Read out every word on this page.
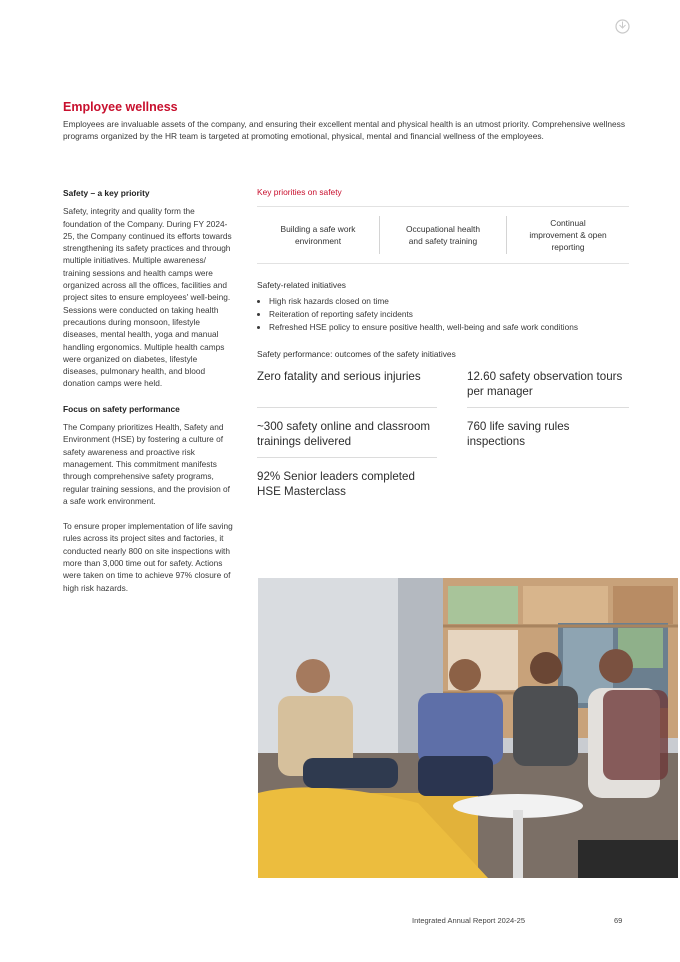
Employee wellness

Employees are invaluable assets of the company, and ensuring their excellent mental and physical health is an utmost priority. Comprehensive wellness programs organized by the HR team is targeted at promoting emotional, physical, mental and financial wellness of the employees.

Safety – a key priority

Safety, integrity and quality form the foundation of the Company. During FY 2024-25, the Company continued its efforts towards strengthening its safety practices and through multiple initiatives. Multiple awareness/ training sessions and health camps were organized across all the offices, facilities and project sites to ensure employees' well-being. Sessions were conducted on taking health precautions during monsoon, lifestyle diseases, mental health, yoga and manual handling ergonomics. Multiple health camps were organized on diabetes, lifestyle diseases, pulmonary health, and blood donation camps were held.

Focus on safety performance

The Company prioritizes Health, Safety and Environment (HSE) by fostering a culture of safety awareness and proactive risk management. This commitment manifests through comprehensive safety programs, regular training sessions, and the provision of a safe work environment.

To ensure proper implementation of life saving rules across its project sites and factories, it conducted nearly 800 on site inspections with more than 3,000 time out for safety. Actions were taken on time to achieve 97% closure of high risk hazards.

Key priorities on safety
Building a safe work environment
Occupational health and safety training
Continual improvement & open reporting
Safety-related initiatives
• High risk hazards closed on time
• Reiteration of reporting safety incidents
• Refreshed HSE policy to ensure positive health, well-being and safe work conditions
Safety performance: outcomes of the safety initiatives
Zero fatality and serious injuries	12.60 safety observation tours per manager
~300 safety online and classroom trainings delivered
760 life saving rules inspections
92% Senior leaders completed HSE Masterclass
Integrated Annual Report 2024-25	69
